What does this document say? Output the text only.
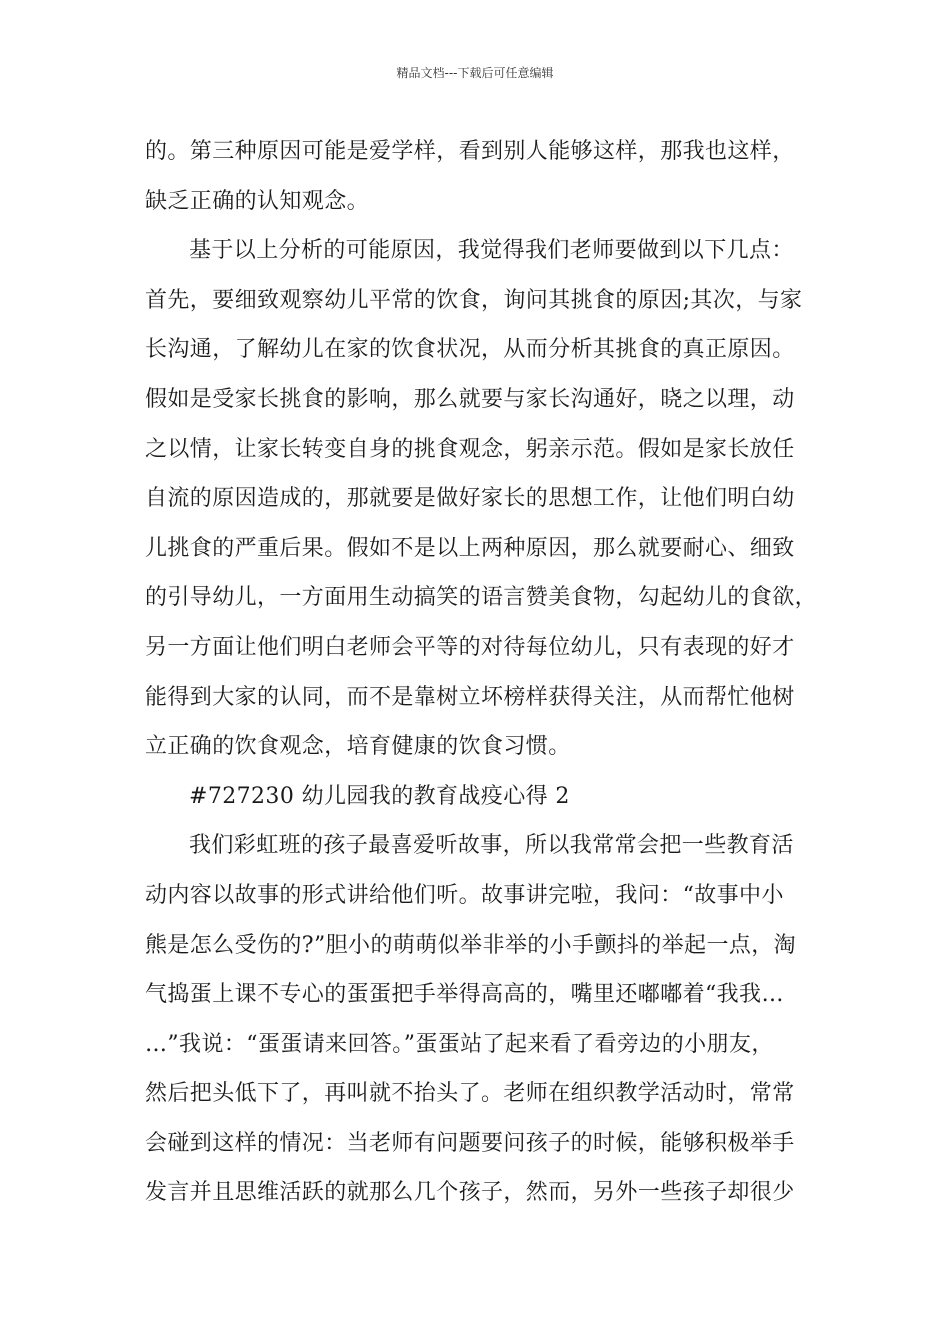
精品文档---下载后可任意编辑
的。第三种原因可能是爱学样，看到别人能够这样，那我也这样，
缺乏正确的认知观念。
基于以上分析的可能原因，我觉得我们老师要做到以下几点：
首先，要细致观察幼儿平常的饮食，询问其挑食的原因;其次，与家
长沟通，了解幼儿在家的饮食状况，从而分析其挑食的真正原因。
假如是受家长挑食的影响，那么就要与家长沟通好，晓之以理，动
之以情，让家长转变自身的挑食观念，躬亲示范。假如是家长放任
自流的原因造成的，那就要是做好家长的思想工作，让他们明白幼
儿挑食的严重后果。假如不是以上两种原因，那么就要耐心、细致
的引导幼儿，一方面用生动搞笑的语言赞美食物，勾起幼儿的食欲，
另一方面让他们明白老师会平等的对待每位幼儿，只有表现的好才
能得到大家的认同，而不是靠树立坏榜样获得关注，从而帮忙他树
立正确的饮食观念，培育健康的饮食习惯。
#727230 幼儿园我的教育战疫心得 2
我们彩虹班的孩子最喜爱听故事，所以我常常会把一些教育活
动内容以故事的形式讲给他们听。故事讲完啦，我问：“故事中小
熊是怎么受伤的?”胆小的萌萌似举非举的小手颤抖的举起一点，淘
气捣蛋上课不专心的蛋蛋把手举得高高的，嘴里还嘟嘟着“我我…
…”我说：“蛋蛋请来回答。”蛋蛋站了起来看了看旁边的小朋友，
然后把头低下了，再叫就不抬头了。老师在组织教学活动时，常常
会碰到这样的情况：当老师有问题要问孩子的时候，能够积极举手
发言并且思维活跃的就那么几个孩子，然而，另外一些孩子却很少
